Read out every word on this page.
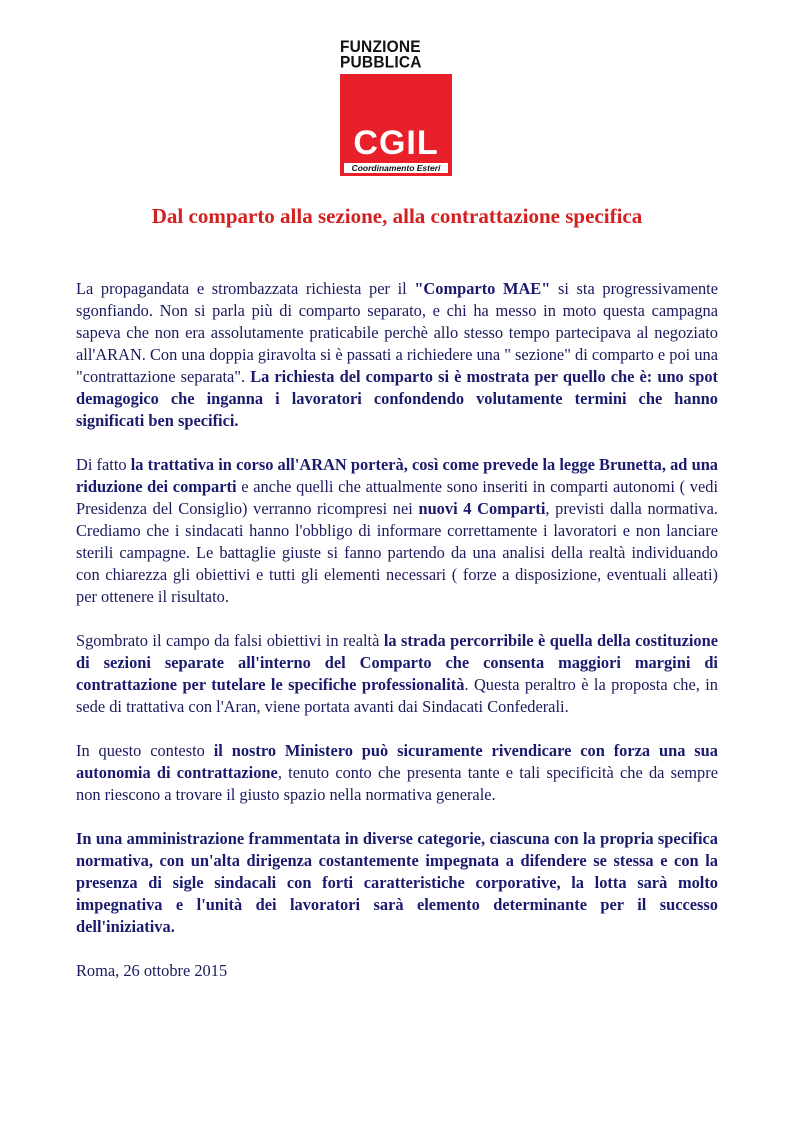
FUNZIONE
PUBBLICA
CGIL
Coordinamento Esteri
Dal comparto alla sezione, alla contrattazione specifica

La propagandata e strombazzata richiesta per il "Comparto MAE" si sta progressivamente sgonfiando. Non si parla più di comparto separato, e chi ha messo in moto questa campagna sapeva che non era assolutamente praticabile perchè allo stesso tempo partecipava al negoziato all'ARAN. Con una doppia giravolta si è passati a richiedere una " sezione" di comparto e poi una "contrattazione separata". La richiesta del comparto si è mostrata per quello che è: uno spot demagogico che inganna i lavoratori confondendo volutamente termini che hanno significati ben specifici.

Di fatto la trattativa in corso all'ARAN porterà, così come prevede la legge Brunetta, ad una riduzione dei comparti e anche quelli che attualmente sono inseriti in comparti autonomi ( vedi Presidenza del Consiglio) verranno ricompresi nei nuovi 4 Comparti, previsti dalla normativa. Crediamo che i sindacati hanno l'obbligo di informare correttamente i lavoratori e non lanciare sterili campagne. Le battaglie giuste si fanno partendo da una analisi della realtà individuando con chiarezza gli obiettivi e tutti gli elementi necessari ( forze a disposizione, eventuali alleati) per ottenere il risultato.

Sgombrato il campo da falsi obiettivi in realtà la strada percorribile è quella della costituzione di sezioni separate all'interno del Comparto che consenta maggiori margini di contrattazione per tutelare le specifiche professionalità. Questa peraltro è la proposta che, in sede di trattativa con l'Aran, viene portata avanti dai Sindacati Confederali.

In questo contesto il nostro Ministero può sicuramente rivendicare con forza una sua autonomia di contrattazione, tenuto conto che presenta tante e tali specificità che da sempre non riescono a trovare il giusto spazio nella normativa generale.

In una amministrazione frammentata in diverse categorie, ciascuna con la propria specifica normativa, con un'alta dirigenza costantemente impegnata a difendere se stessa e con la presenza di sigle sindacali con forti caratteristiche corporative, la lotta sarà molto impegnativa e l'unità dei lavoratori sarà elemento determinante per il successo dell'iniziativa.

Roma, 26 ottobre 2015
